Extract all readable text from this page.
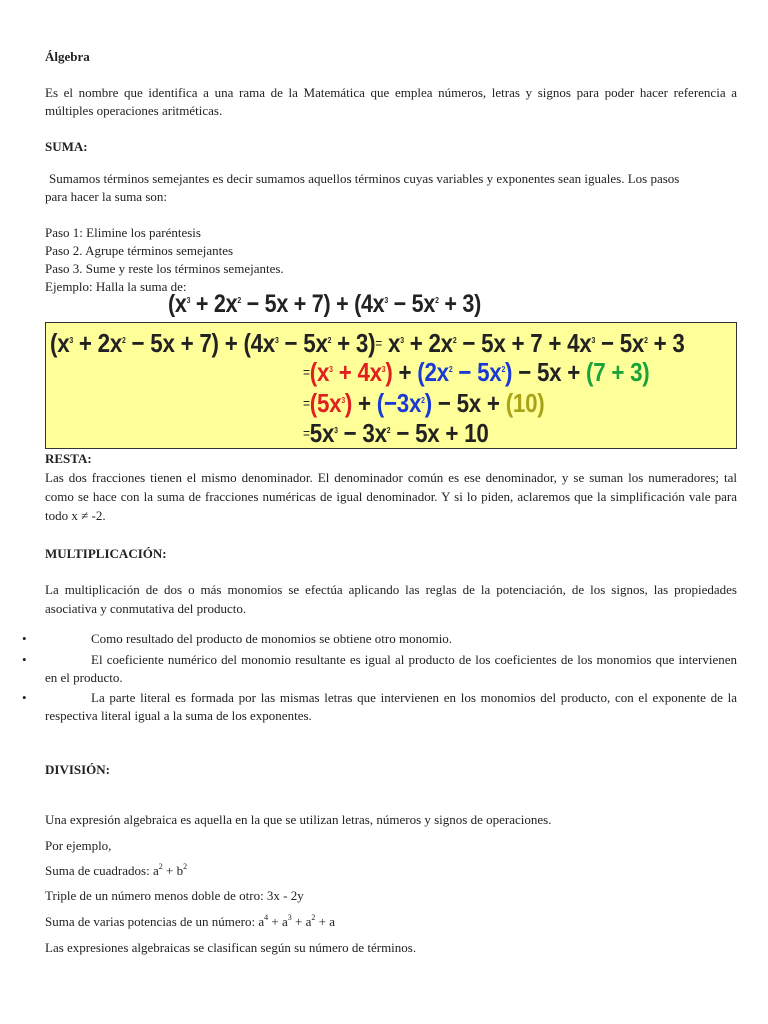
Álgebra
Es el nombre que identifica a una rama de la Matemática que emplea números, letras y signos para poder hacer referencia a múltiples operaciones aritméticas.
SUMA:
Sumamos términos semejantes es decir sumamos aquellos términos cuyas variables y exponentes sean iguales. Los pasos para hacer la suma son:
Paso 1: Elimine los paréntesis
Paso 2. Agrupe términos semejantes
Paso 3. Sume y reste los términos semejantes.
Ejemplo: Halla la suma de:
$(x^3 + 2x^2 - 5x + 7) + (4x^3 - 5x^2 + 3)$
$(x^3 + 2x^2 - 5x + 7) + (4x^3 - 5x^2 + 3)= x^3 + 2x^2 - 5x + 7 + 4x^3 - 5x^2 + 3$
$=(x^3 + 4x^3) + (2x^2 - 5x^2) - 5x + (7 + 3)$
$=(5x^3) + (-3x^2) - 5x + (10)$
$=5x^3 - 3x^2 - 5x + 10$
RESTA:
Las dos fracciones tienen el mismo denominador. El denominador común es ese denominador, y se suman los numeradores; tal como se hace con la suma de fracciones numéricas de igual denominador. Y si lo piden, aclaremos que la simplificación vale para todo x ≠ -2.
MULTIPLICACIÓN:
La multiplicación de dos o más monomios se efectúa aplicando las reglas de la potenciación, de los signos, las propiedades asociativa y conmutativa del producto.
•	Como resultado del producto de monomios se obtiene otro monomio.
•	El coeficiente numérico del monomio resultante es igual al producto de los coeficientes de los monomios que intervienen en el producto.
•	La parte literal es formada por las mismas letras que intervienen en los monomios del producto, con el exponente de la respectiva literal igual a la suma de los exponentes.
DIVISIÓN:
Una expresión algebraica es aquella en la que se utilizan letras, números y signos de operaciones.
Por ejemplo,
Suma de cuadrados: $a^2 + b^2$
Triple de un número menos doble de otro: 3x - 2y
Suma de varias potencias de un número: $a^4 + a^3 + a^2 + a$
Las expresiones algebraicas se clasifican según su número de términos.
